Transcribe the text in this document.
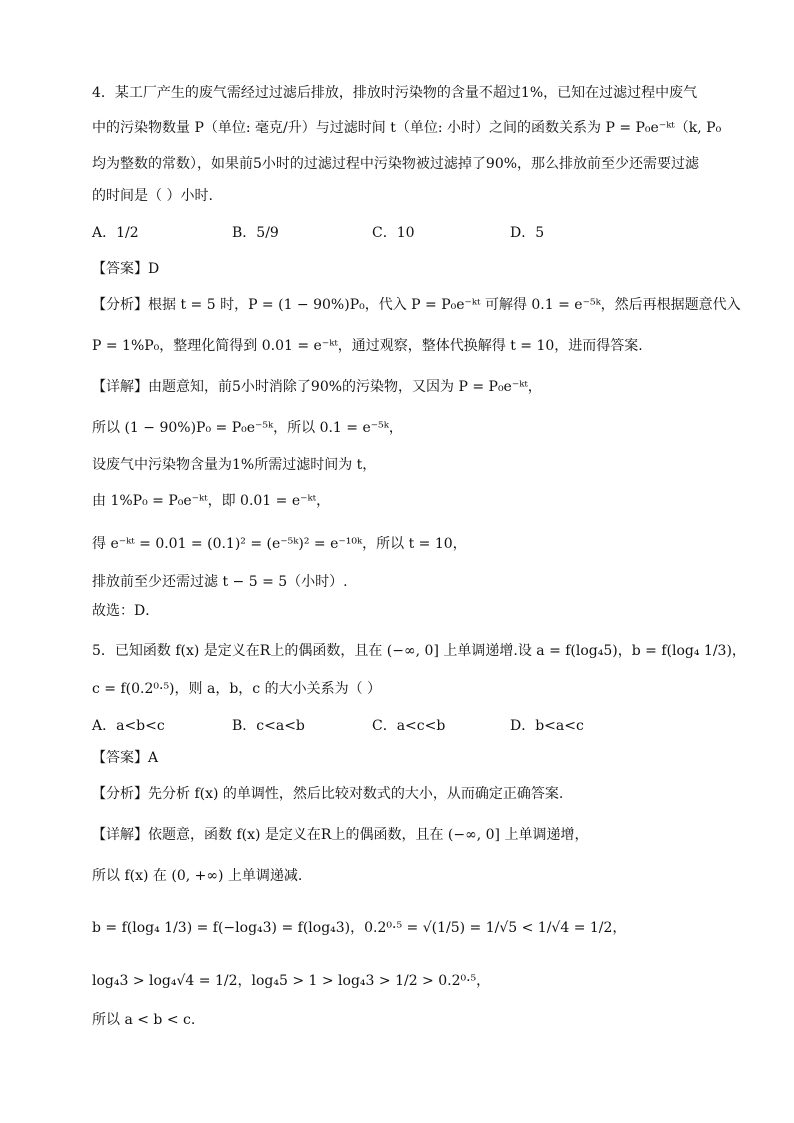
4．某工厂产生的废气需经过过滤后排放，排放时污染物的含量不超过1%，已知在过滤过程中废气
中的污染物数量 P（单位: 毫克/升）与过滤时间 t（单位: 小时）之间的函数关系为 P = P₀e⁻ᵏᵗ（k, P₀
均为整数的常数），如果前5小时的过滤过程中污染物被过滤掉了90%，那么排放前至少还需要过滤
的时间是（ ）小时.
A．1/2	B．5/9	C．10	D．5
【答案】D
【分析】根据 t = 5 时，P = (1 − 90%)P₀，代入 P = P₀e⁻ᵏᵗ 可解得 0.1 = e⁻⁵ᵏ，然后再根据题意代入
P = 1%P₀，整理化简得到 0.01 = e⁻ᵏᵗ，通过观察，整体代换解得 t = 10，进而得答案.
【详解】由题意知，前5小时消除了90%的污染物，又因为 P = P₀e⁻ᵏᵗ，
所以 (1 − 90%)P₀ = P₀e⁻⁵ᵏ，所以 0.1 = e⁻⁵ᵏ，
设废气中污染物含量为1%所需过滤时间为 t，
由 1%P₀ = P₀e⁻ᵏᵗ，即 0.01 = e⁻ᵏᵗ，
得 e⁻ᵏᵗ = 0.01 = (0.1)² = (e⁻⁵ᵏ)² = e⁻¹⁰ᵏ，所以 t = 10，
排放前至少还需过滤 t − 5 = 5（小时）.
故选：D．
5．已知函数 f(x) 是定义在R上的偶函数，且在 (−∞, 0] 上单调递增.设 a = f(log₄5)，b = f(log₄ 1/3)，
c = f(0.2⁰·⁵)，则 a，b，c 的大小关系为（ ）
A．a<b<c	B．c<a<b	C．a<c<b	D．b<a<c
【答案】A
【分析】先分析 f(x) 的单调性，然后比较对数式的大小，从而确定正确答案.
【详解】依题意，函数 f(x) 是定义在R上的偶函数，且在 (−∞, 0] 上单调递增，
所以 f(x) 在 (0, +∞) 上单调递减.
b = f(log₄ 1/3) = f(−log₄3) = f(log₄3)，0.2⁰·⁵ = √(1/5) = 1/√5 < 1/√4 = 1/2，
log₄3 > log₄√4 = 1/2，log₄5 > 1 > log₄3 > 1/2 > 0.2⁰·⁵，
所以 a < b < c.
